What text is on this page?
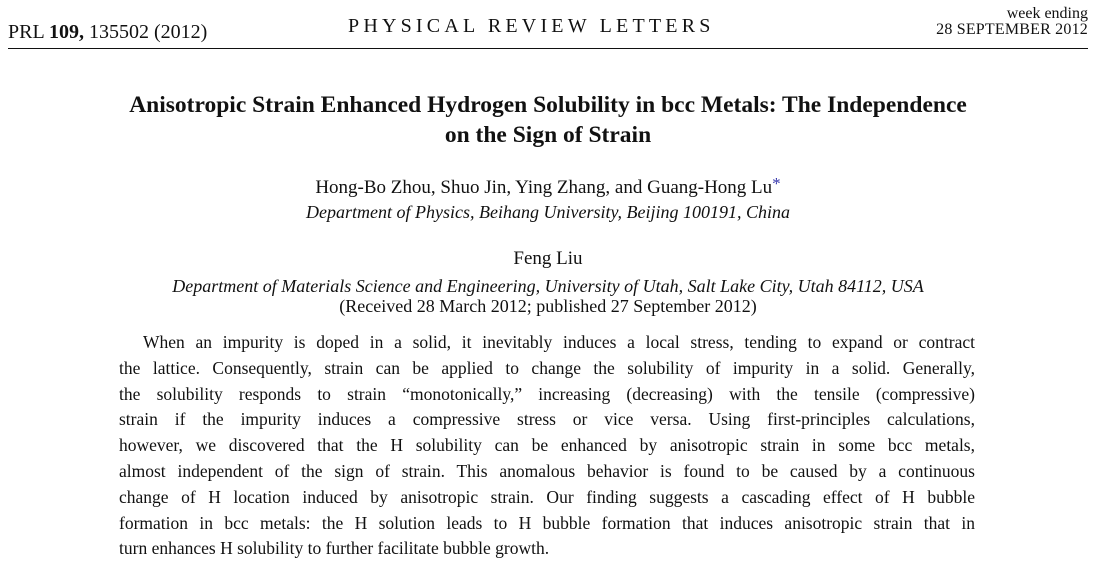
PRL 109, 135502 (2012)	PHYSICAL REVIEW LETTERS
week ending
28 SEPTEMBER 2012
Anisotropic Strain Enhanced Hydrogen Solubility in bcc Metals: The Independence
on the Sign of Strain
Hong-Bo Zhou, Shuo Jin, Ying Zhang, and Guang-Hong Lu*
Department of Physics, Beihang University, Beijing 100191, China
Feng Liu
Department of Materials Science and Engineering, University of Utah, Salt Lake City, Utah 84112, USA
(Received 28 March 2012; published 27 September 2012)
When an impurity is doped in a solid, it inevitably induces a local stress, tending to expand or contract
the lattice. Consequently, strain can be applied to change the solubility of impurity in a solid. Generally,
the solubility responds to strain “monotonically,” increasing (decreasing) with the tensile (compressive)
strain if the impurity induces a compressive stress or vice versa. Using first-principles calculations,
however, we discovered that the H solubility can be enhanced by anisotropic strain in some bcc metals,
almost independent of the sign of strain. This anomalous behavior is found to be caused by a continuous
change of H location induced by anisotropic strain. Our finding suggests a cascading effect of H bubble
formation in bcc metals: the H solution leads to H bubble formation that induces anisotropic strain that in
turn enhances H solubility to further facilitate bubble growth.
